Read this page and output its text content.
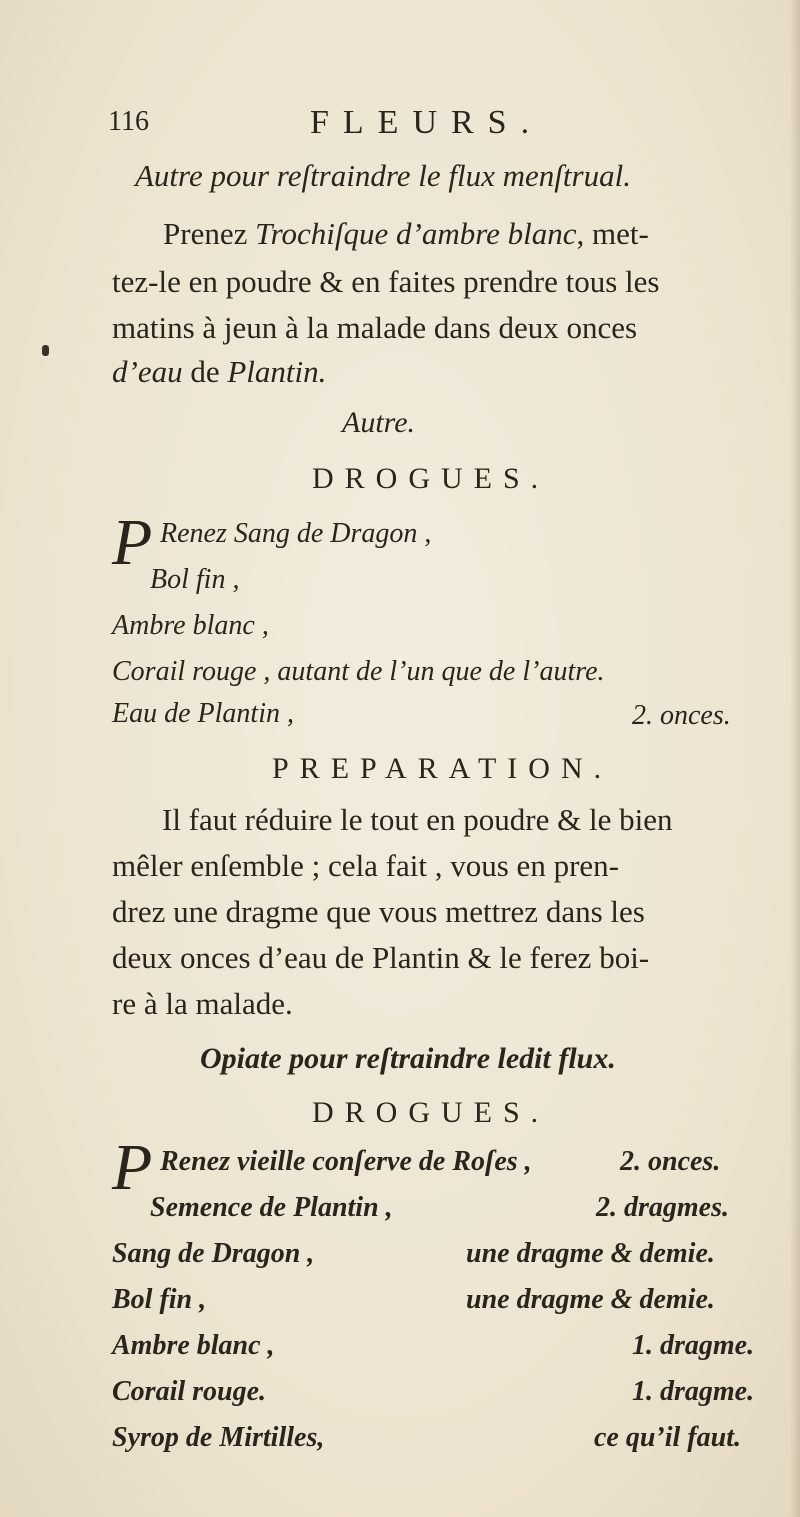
116	FLEURS.
Autre pour reſtraindre le flux menſtrual.
Prenez Trochiſque d’ambre blanc, met-
tez-le en poudre & en faites prendre tous les
matins à jeun à la malade dans deux onces
d’eau de Plantin.
Autre.
DROGUES.
P Renez Sang de Dragon ,
Bol fin ,
Ambre blanc ,
Corail rouge , autant de l’un que de l’autre.
Eau de Plantin ,	2. onces.
PREPARATION.
Il faut réduire le tout en poudre & le bien
mêler enſemble ; cela fait , vous en pren-
drez une dragme que vous mettrez dans les
deux onces d’eau de Plantin & le ferez boi-
re à la malade.
Opiate pour reſtraindre ledit flux.
DROGUES.
P Renez vieille conſerve de Roſes ,	2. onces.
Semence de Plantin ,	2. dragmes.
Sang de Dragon ,	une dragme & demie.
Bol fin ,	une dragme & demie.
Ambre blanc ,	1. dragme.
Corail rouge.	1. dragme.
Syrop de Mirtilles,	ce qu’il faut.
